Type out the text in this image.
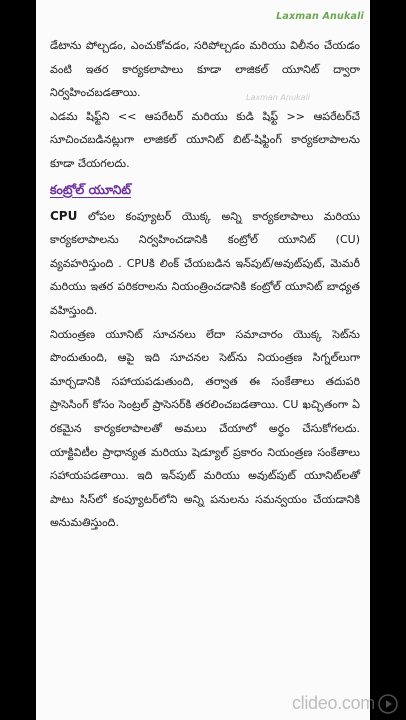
Laxman Anukali
Laxman Anukali

డేటాను పోల్చడం, ఎంచుకోవడం, సరిపోల్చడం మరియు విలీనం చేయడం వంటి ఇతర కార్యకలాపాలు కూడా లాజికల్ యూనిట్ ద్వారా నిర్వహించబడతాయి.

ఎడమ షిఫ్ట్‌ని << ఆపరేటర్ మరియు కుడి షిఫ్ట్ >> ఆపరేటర్‌చే సూచించబడినట్లుగా లాజికల్ యూనిట్ బిట్-షిఫ్టింగ్ కార్యకలాపాలను కూడా చేయగలదు.

కంట్రోల్ యూనిట్

CPU లోపల కంప్యూటర్ యొక్క అన్ని కార్యకలాపాలు మరియు కార్యకలాపాలను నిర్వహించడానికి కంట్రోల్ యూనిట్ (CU) వ్యవహరిస్తుంది . CPUకి లింక్ చేయబడిన ఇన్‌పుట్/అవుట్‌పుట్, మెమరీ మరియు ఇతర పరికరాలను నియంత్రించడానికి కంట్రోల్ యూనిట్ బాధ్యత వహిస్తుంది.

నియంత్రణ యూనిట్ సూచనలు లేదా సమాచారం యొక్క సెట్‌ను పొందుతుంది, ఆపై ఇది సూచనల సెట్‌ను నియంత్రణ సిగ్నల్‌లుగా మార్చడానికి సహాయపడుతుంది, తర్వాత ఈ సంకేతాలు తదుపరి ప్రాసెసింగ్ కోసం సెంట్రల్ ప్రాసెసర్‌కి తరలించబడతాయి. CU ఖచ్చితంగా ఏ రకమైన కార్యకలాపాలతో అమలు చేయాలో అర్థం చేసుకోగలదు. యాక్టివిటీల ప్రాధాన్యత మరియు షెడ్యూల్ ప్రకారం నియంత్రణ సంకేతాలు సహాయపడతాయి. ఇది ఇన్‌పుట్ మరియు అవుట్‌పుట్ యూనిట్‌లతో పాటు సిస్‌లో కంప్యూటర్‌లోని అన్ని పనులను సమన్వయం చేయడానికి అనుమతిస్తుంది.

clideo.com
